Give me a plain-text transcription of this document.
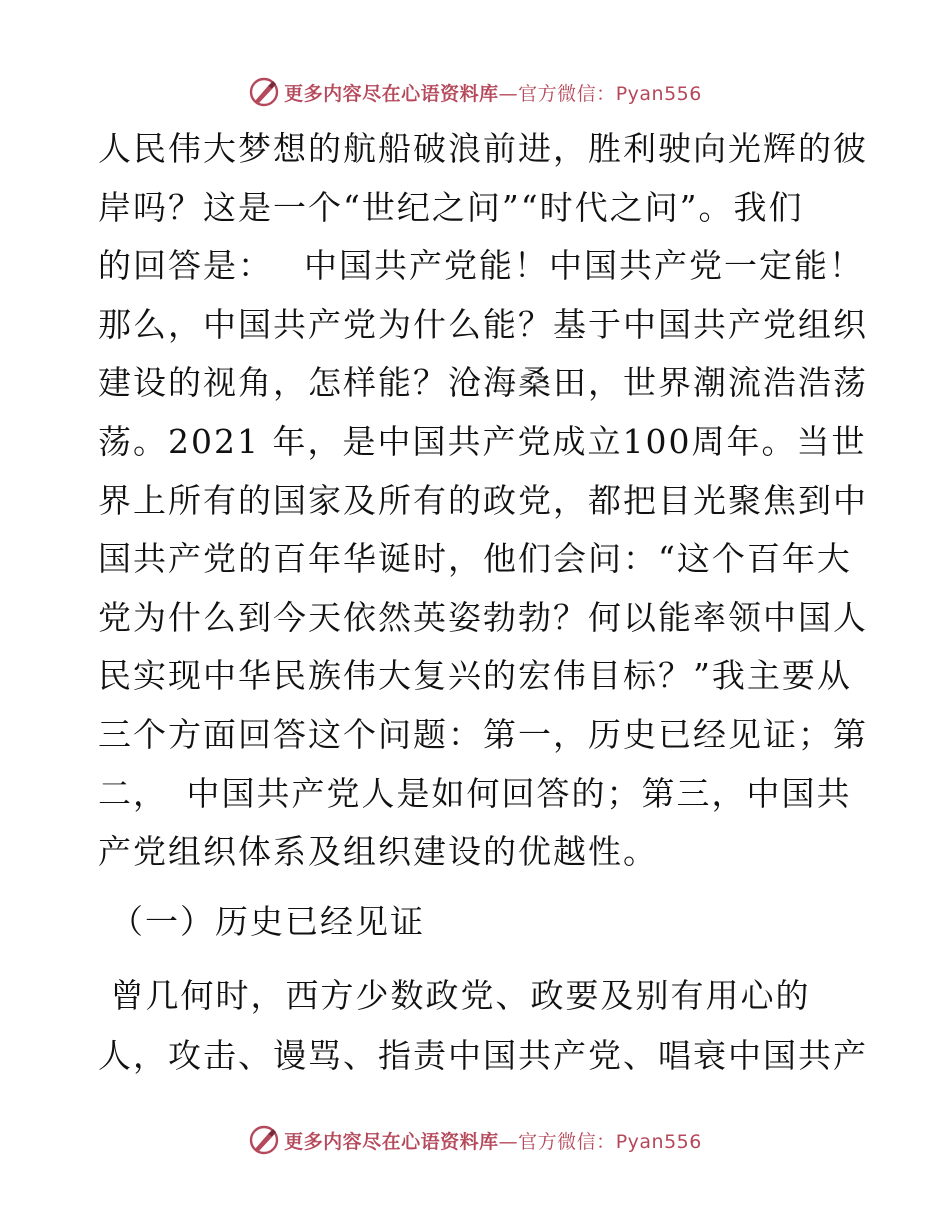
更多内容尽在心语资料库—官方微信：Pyan556
人民伟大梦想的航船破浪前进，胜利驶向光辉的彼
岸吗？这是一个“世纪之问”“时代之问”。我们
的回答是：　 中国共产党能！中国共产党一定能！
那么，中国共产党为什么能？基于中国共产党组织
建设的视角，怎样能？沧海桑田，世界潮流浩浩荡
荡。2021 年，是中国共产党成立100周年。当世
界上所有的国家及所有的政党，都把目光聚焦到中
国共产党的百年华诞时，他们会问：“这个百年大
党为什么到今天依然英姿勃勃？何以能率领中国人
民实现中华民族伟大复兴的宏伟目标？”我主要从
三个方面回答这个问题：第一，历史已经见证；第
二，　中国共产党人是如何回答的；第三，中国共
产党组织体系及组织建设的优越性。
（一）历史已经见证
曾几何时，西方少数政党、政要及别有用心的
人，攻击、谩骂、指责中国共产党、唱衰中国共产
更多内容尽在心语资料库—官方微信：Pyan556
